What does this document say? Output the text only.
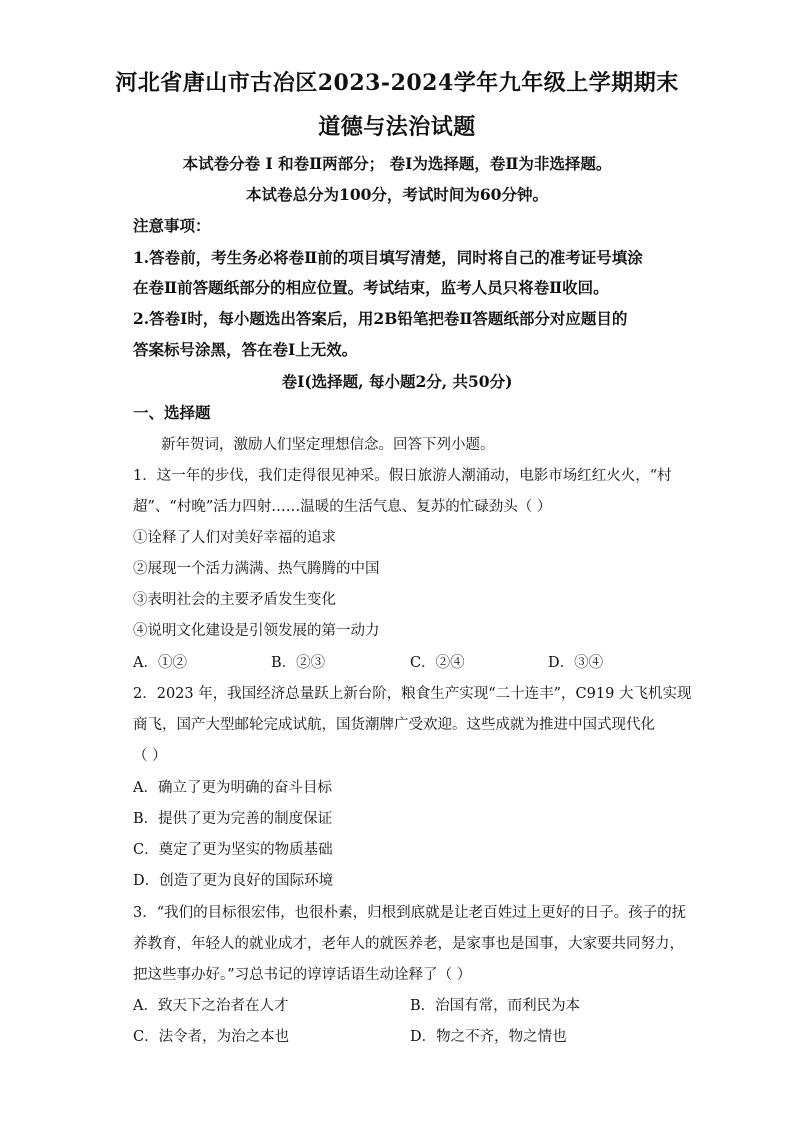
河北省唐山市古冶区2023-2024学年九年级上学期期末
道德与法治试题
本试卷分卷 Ⅰ 和卷Ⅱ两部分； 卷Ⅰ为选择题，卷Ⅱ为非选择题。
本试卷总分为100分，考试时间为60分钟。
注意事项：
1.答卷前，考生务必将卷Ⅱ前的项目填写清楚，同时将自己的准考证号填涂
在卷Ⅱ前答题纸部分的相应位置。考试结束，监考人员只将卷Ⅱ收回。
2.答卷Ⅰ时，每小题选出答案后，用2B铅笔把卷Ⅱ答题纸部分对应题目的
答案标号涂黑，答在卷Ⅰ上无效。
卷Ⅰ(选择题, 每小题2分, 共50分)
一、选择题
新年贺词，激励人们坚定理想信念。回答下列小题。
1．这一年的步伐，我们走得很见神采。假日旅游人潮涌动，电影市场红红火火，“村
超”、“村晚”活力四射……温暖的生活气息、复苏的忙碌劲头（ ）
①诠释了人们对美好幸福的追求
②展现一个活力满满、热气腾腾的中国
③表明社会的主要矛盾发生变化
④说明文化建设是引领发展的第一动力
A．①②	B．②③	C．②④	D．③④
2．2023 年，我国经济总量跃上新台阶，粮食生产实现“二十连丰”，C919 大飞机实现
商飞，国产大型邮轮完成试航，国货潮牌广受欢迎。这些成就为推进中国式现代化
（ ）
A．确立了更为明确的奋斗目标
B．提供了更为完善的制度保证
C．奠定了更为坚实的物质基础
D．创造了更为良好的国际环境
3．“我们的目标很宏伟，也很朴素，归根到底就是让老百姓过上更好的日子。孩子的抚
养教育，年轻人的就业成才，老年人的就医养老，是家事也是国事，大家要共同努力，
把这些事办好。”习总书记的谆谆话语生动诠释了（ ）
A．致天下之治者在人才	B．治国有常，而利民为本
C．法令者，为治之本也	D．物之不齐，物之情也
